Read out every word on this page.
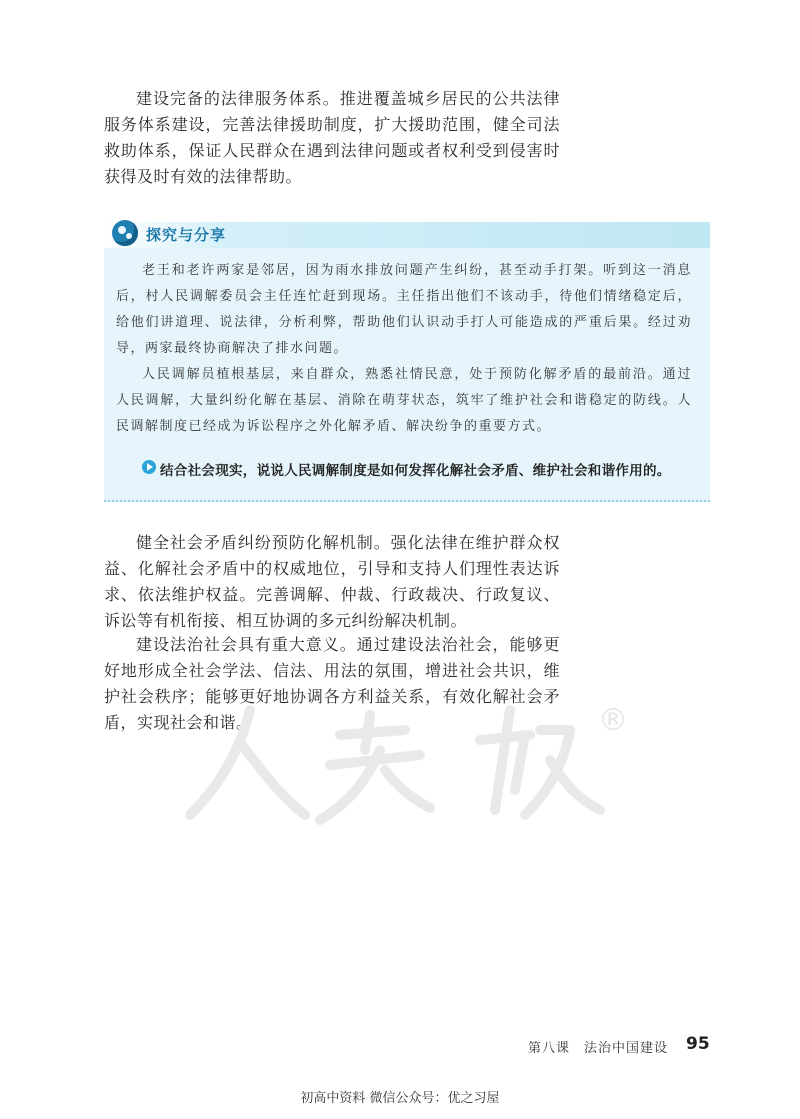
建设完备的法律服务体系。推进覆盖城乡居民的公共法律服务体系建设，完善法律援助制度，扩大援助范围，健全司法救助体系，保证人民群众在遇到法律问题或者权利受到侵害时获得及时有效的法律帮助。

探究与分享

老王和老许两家是邻居，因为雨水排放问题产生纠纷，甚至动手打架。听到这一消息后，村人民调解委员会主任连忙赶到现场。主任指出他们不该动手，待他们情绪稳定后，给他们讲道理、说法律，分析利弊，帮助他们认识动手打人可能造成的严重后果。经过劝导，两家最终协商解决了排水问题。

人民调解员植根基层，来自群众，熟悉社情民意，处于预防化解矛盾的最前沿。通过人民调解，大量纠纷化解在基层、消除在萌芽状态，筑牢了维护社会和谐稳定的防线。人民调解制度已经成为诉讼程序之外化解矛盾、解决纷争的重要方式。

结合社会现实，说说人民调解制度是如何发挥化解社会矛盾、维护社会和谐作用的。

健全社会矛盾纠纷预防化解机制。强化法律在维护群众权益、化解社会矛盾中的权威地位，引导和支持人们理性表达诉求、依法维护权益。完善调解、仲裁、行政裁决、行政复议、诉讼等有机衔接、相互协调的多元纠纷解决机制。

建设法治社会具有重大意义。通过建设法治社会，能够更好地形成全社会学法、信法、用法的氛围，增进社会共识，维护社会秩序；能够更好地协调各方利益关系，有效化解社会矛盾，实现社会和谐。	®
第八课　法治中国建设 95
初高中资料 微信公众号：优之习屋
